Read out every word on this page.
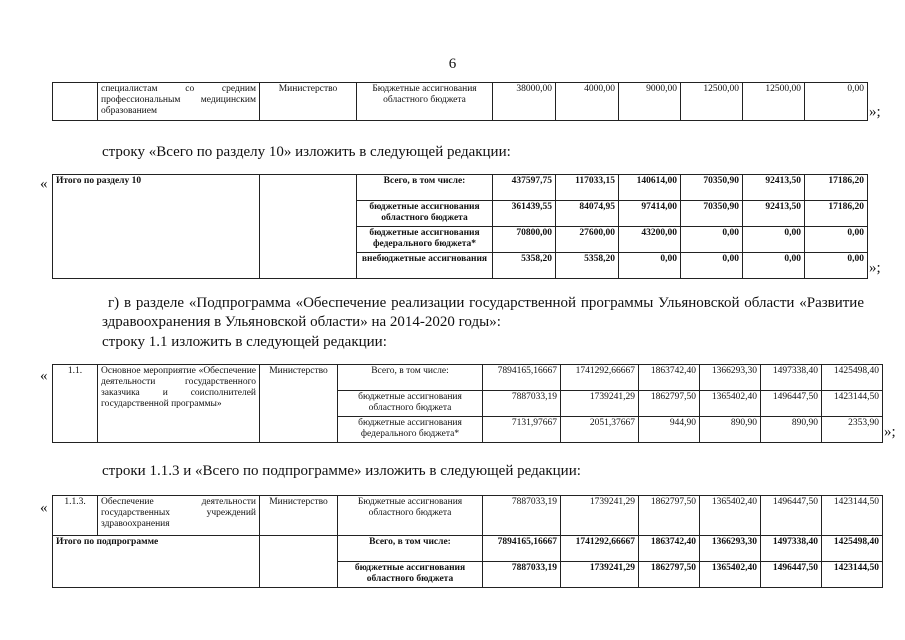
6
	специалистам со средним профессиональным медицинским образованием	Министерство	Бюджетные ассигнования областного бюджета	38000,00	4000,00	9000,00	12500,00	12500,00	0,00
»;
строку «Всего по разделу 10» изложить в следующей редакции:
« Итого по разделу 10		Всего, в том числе:	437597,75	117033,15	140614,00	70350,90	92413,50	17186,20
		бюджетные ассигнования областного бюджета	361439,55	84074,95	97414,00	70350,90	92413,50	17186,20
		бюджетные ассигнования федерального бюджета*	70800,00	27600,00	43200,00	0,00	0,00	0,00
		внебюджетные ассигнования	5358,20	5358,20	0,00	0,00	0,00	0,00
»;
г) в разделе «Подпрограмма «Обеспечение реализации государственной программы Ульяновской области «Развитие здравоохранения в Ульяновской области» на 2014-2020 годы»:
строку 1.1 изложить в следующей редакции:
« 1.1.	Основное мероприятие «Обеспечение деятельности государственного заказчика и соисполнителей государственной программы»	Министерство	Всего, в том числе:	7894165,16667	1741292,66667	1863742,40	1366293,30	1497338,40	1425498,40
			бюджетные ассигнования областного бюджета	7887033,19	1739241,29	1862797,50	1365402,40	1496447,50	1423144,50
			бюджетные ассигнования федерального бюджета*	7131,97667	2051,37667	944,90	890,90	890,90	2353,90
»;
строки 1.1.3 и «Всего по подпрограмме» изложить в следующей редакции:
« 1.1.3.	Обеспечение деятельности государственных учреждений здравоохранения	Министерство	Бюджетные ассигнования областного бюджета	7887033,19	1739241,29	1862797,50	1365402,40	1496447,50	1423144,50
Итого по подпрограмме			Всего, в том числе:	7894165,16667	1741292,66667	1863742,40	1366293,30	1497338,40	1425498,40
			бюджетные ассигнования областного бюджета	7887033,19	1739241,29	1862797,50	1365402,40	1496447,50	1423144,50
